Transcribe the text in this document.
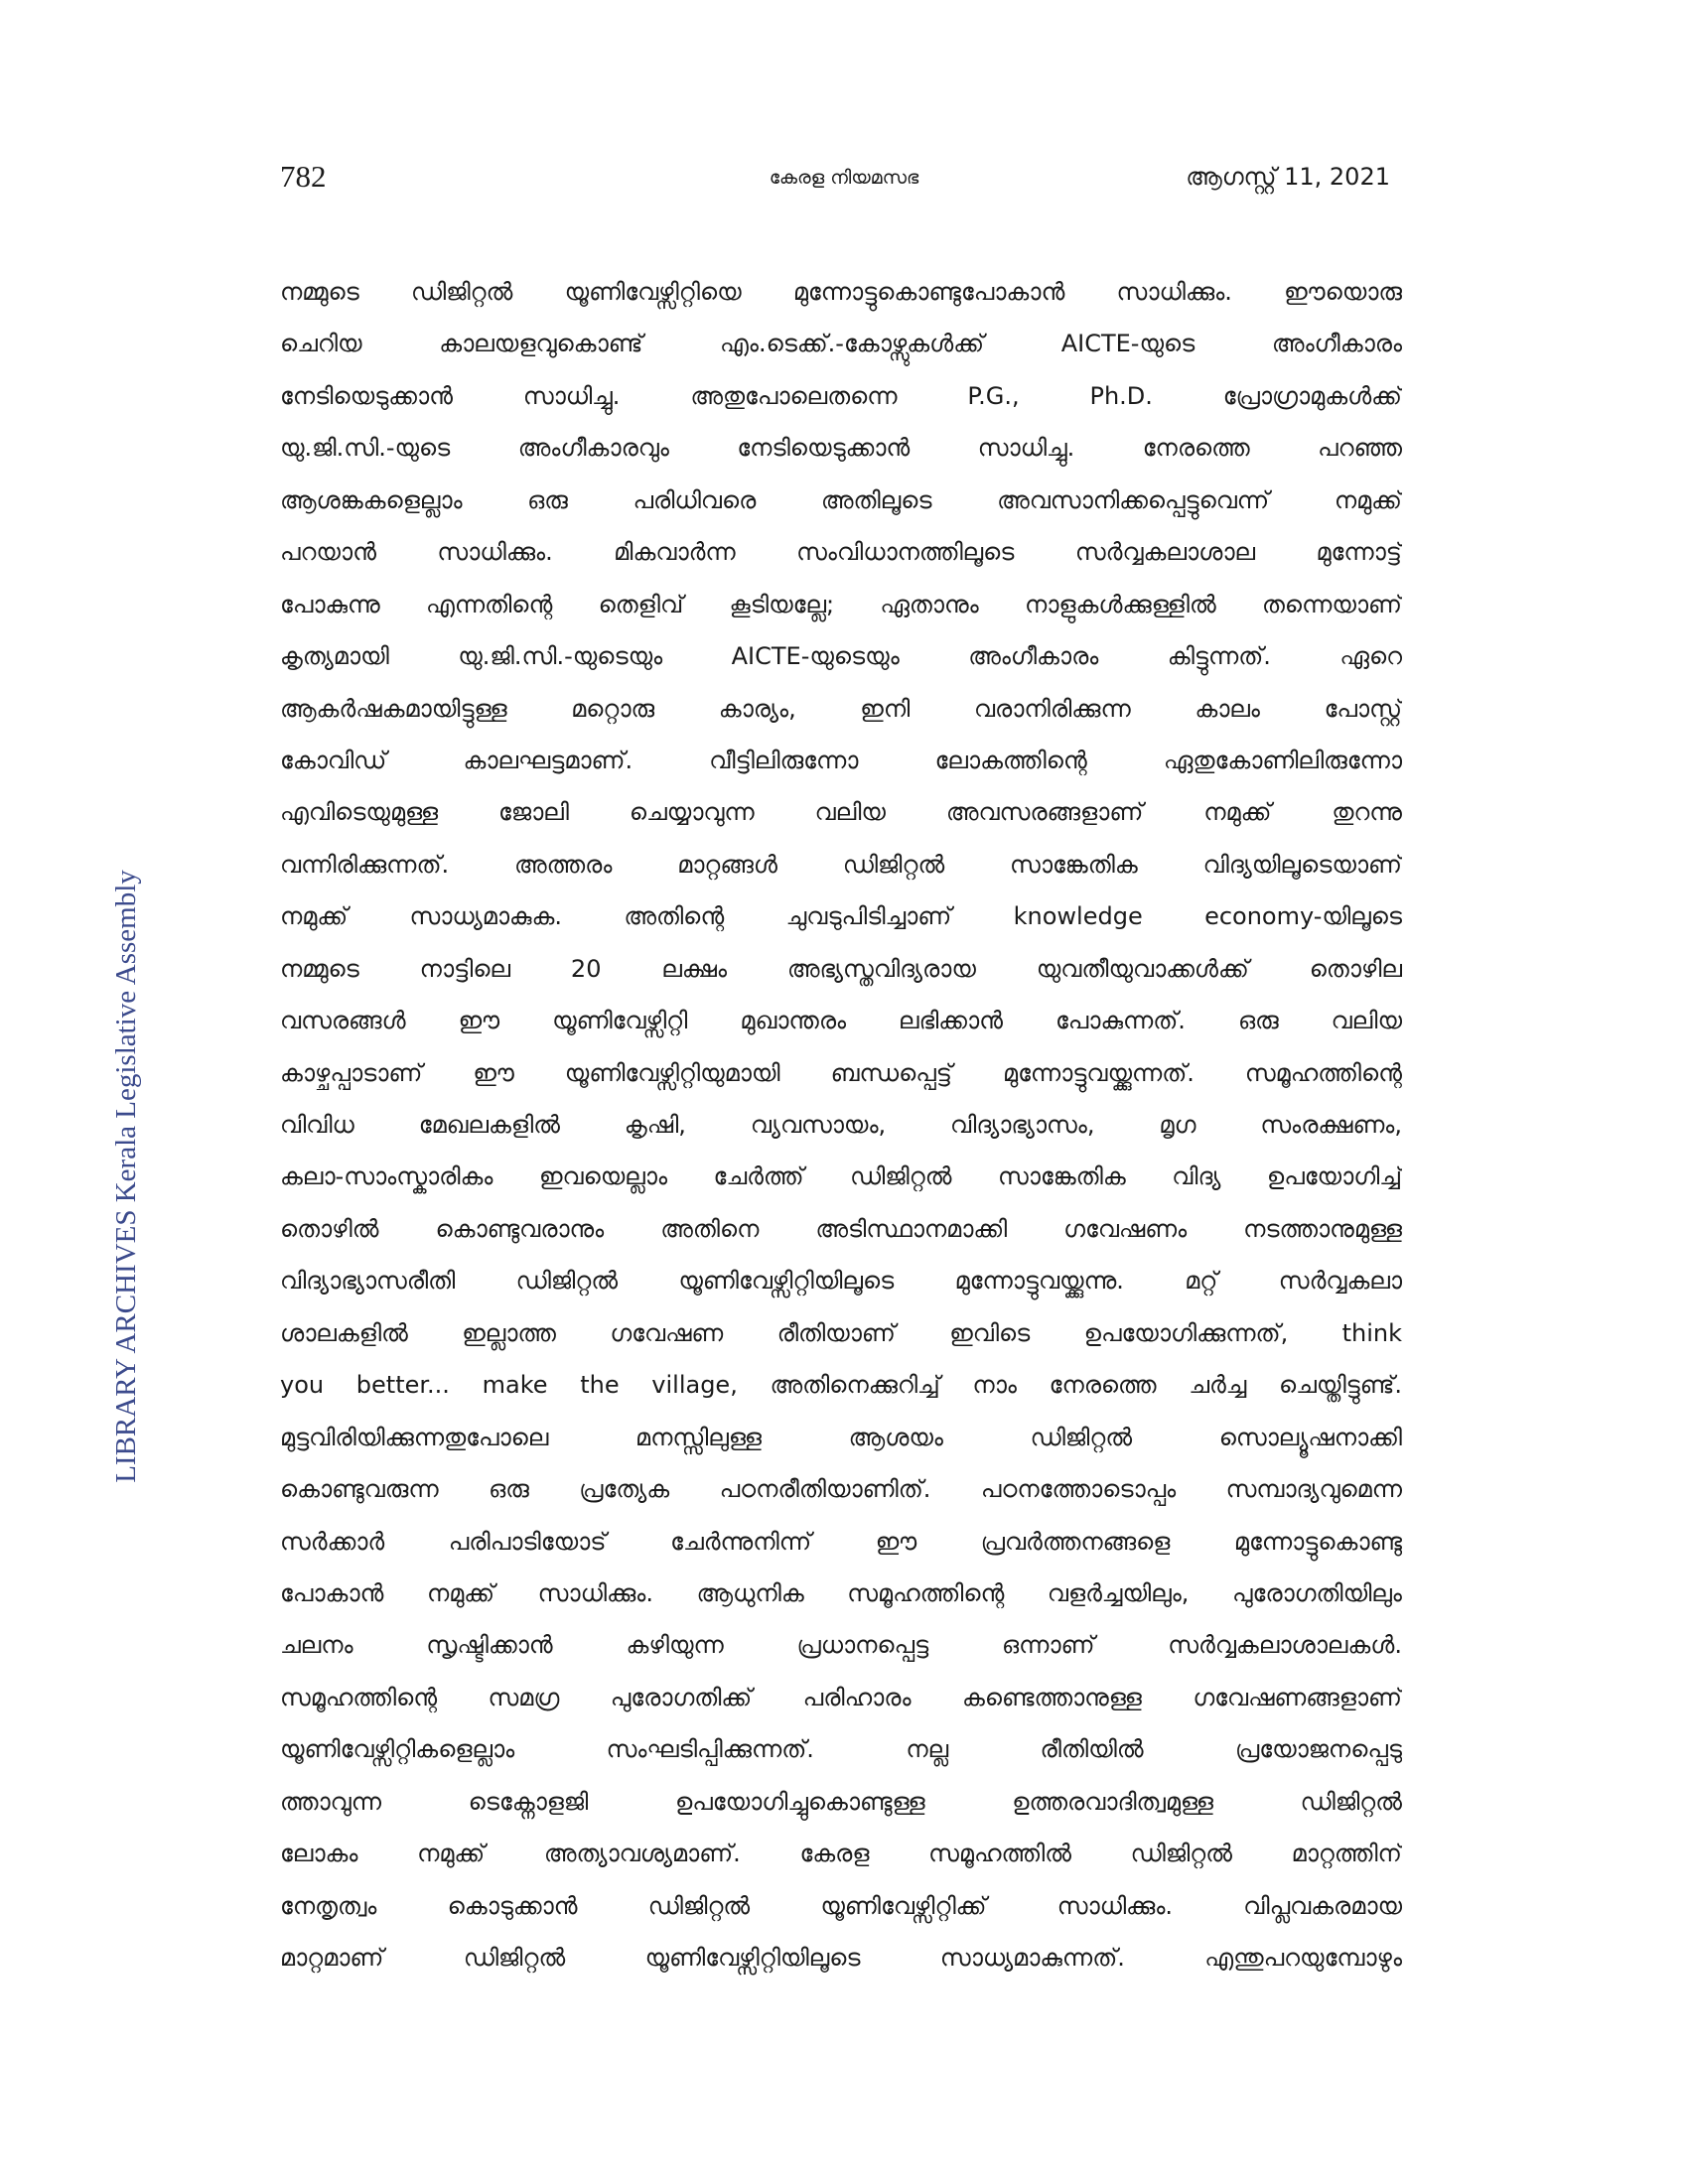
782	കേരള നിയമസഭ	ആഗസ്റ്റ് 11, 2021
LIBRARY ARCHIVES Kerala Legislative Assembly
നമ്മുടെ ഡിജിറ്റൽ യൂണിവേഴ്സിറ്റിയെ മുന്നോട്ടുകൊണ്ടുപോകാൻ സാധിക്കും. ഈയൊരു
ചെറിയ കാലയളവുകൊണ്ട് എം.ടെക്ക്.-കോഴ്സുകൾക്ക് AICTE-യുടെ അംഗീകാരം
നേടിയെടുക്കാൻ സാധിച്ചു. അതുപോലെതന്നെ P.G., Ph.D. പ്രോഗ്രാമുകൾക്ക്
യു.ജി.സി.-യുടെ അംഗീകാരവും നേടിയെടുക്കാൻ സാധിച്ചു. നേരത്തെ പറഞ്ഞ
ആശങ്കകളെല്ലാം ഒരു പരിധിവരെ അതിലൂടെ അവസാനിക്കപ്പെട്ടുവെന്ന് നമുക്ക്
പറയാൻ സാധിക്കും. മികവാർന്ന സംവിധാനത്തിലൂടെ സർവ്വകലാശാല മുന്നോട്ട്
പോകുന്നു എന്നതിന്റെ തെളിവ് കൂടിയല്ലേ; ഏതാനും നാളുകൾക്കുള്ളിൽ തന്നെയാണ്
കൃത്യമായി യു.ജി.സി.-യുടെയും AICTE-യുടെയും അംഗീകാരം കിട്ടുന്നത്. ഏറെ
ആകർഷകമായിട്ടുള്ള മറ്റൊരു കാര്യം, ഇനി വരാനിരിക്കുന്ന കാലം പോസ്റ്റ്
കോവിഡ് കാലഘട്ടമാണ്. വീട്ടിലിരുന്നോ ലോകത്തിന്റെ ഏതുകോണിലിരുന്നോ
എവിടെയുമുള്ള ജോലി ചെയ്യാവുന്ന വലിയ അവസരങ്ങളാണ് നമുക്ക് തുറന്നു
വന്നിരിക്കുന്നത്. അത്തരം മാറ്റങ്ങൾ ഡിജിറ്റൽ സാങ്കേതിക വിദ്യയിലൂടെയാണ്
നമുക്ക് സാധ്യമാകുക. അതിന്റെ ചുവടുപിടിച്ചാണ് knowledge economy-യിലൂടെ
നമ്മുടെ നാട്ടിലെ 20 ലക്ഷം അഭ്യസ്തവിദ്യരായ യുവതീയുവാക്കൾക്ക് തൊഴില
വസരങ്ങൾ ഈ യൂണിവേഴ്സിറ്റി മുഖാന്തരം ലഭിക്കാൻ പോകുന്നത്. ഒരു വലിയ
കാഴ്ചപ്പാടാണ് ഈ യൂണിവേഴ്സിറ്റിയുമായി ബന്ധപ്പെട്ട് മുന്നോട്ടുവയ്ക്കുന്നത്. സമൂഹത്തിന്റെ
വിവിധ മേഖലകളിൽ കൃഷി, വ്യവസായം, വിദ്യാഭ്യാസം, മൃഗ സംരക്ഷണം,
കലാ-സാംസ്കാരികം ഇവയെല്ലാം ചേർത്ത് ഡിജിറ്റൽ സാങ്കേതിക വിദ്യ ഉപയോഗിച്ച്
തൊഴിൽ കൊണ്ടുവരാനും അതിനെ അടിസ്ഥാനമാക്കി ഗവേഷണം നടത്താനുമുള്ള
വിദ്യാഭ്യാസരീതി ഡിജിറ്റൽ യൂണിവേഴ്സിറ്റിയിലൂടെ മുന്നോട്ടുവയ്ക്കുന്നു. മറ്റ് സർവ്വകലാ
ശാലകളിൽ ഇല്ലാത്ത ഗവേഷണ രീതിയാണ് ഇവിടെ ഉപയോഗിക്കുന്നത്, think
you better... make the village, അതിനെക്കുറിച്ച് നാം നേരത്തെ ചർച്ച ചെയ്തിട്ടുണ്ട്.
മുട്ടവിരിയിക്കുന്നതുപോലെ മനസ്സിലുള്ള ആശയം ഡിജിറ്റൽ സൊല്യൂഷനാക്കി
കൊണ്ടുവരുന്ന ഒരു പ്രത്യേക പഠനരീതിയാണിത്. പഠനത്തോടൊപ്പം സമ്പാദ്യവുമെന്ന
സർക്കാർ പരിപാടിയോട് ചേർന്നുനിന്ന് ഈ പ്രവർത്തനങ്ങളെ മുന്നോട്ടുകൊണ്ടു
പോകാൻ നമുക്ക് സാധിക്കും. ആധുനിക സമൂഹത്തിന്റെ വളർച്ചയിലും, പുരോഗതിയിലും
ചലനം സൃഷ്ടിക്കാൻ കഴിയുന്ന പ്രധാനപ്പെട്ട ഒന്നാണ് സർവ്വകലാശാലകൾ.
സമൂഹത്തിന്റെ സമഗ്ര പുരോഗതിക്ക് പരിഹാരം കണ്ടെത്താനുള്ള ഗവേഷണങ്ങളാണ്
യൂണിവേഴ്സിറ്റികളെല്ലാം സംഘടിപ്പിക്കുന്നത്. നല്ല രീതിയിൽ പ്രയോജനപ്പെടു
ത്താവുന്ന ടെക്നോളജി ഉപയോഗിച്ചുകൊണ്ടുള്ള ഉത്തരവാദിത്വമുള്ള ഡിജിറ്റൽ
ലോകം നമുക്ക് അത്യാവശ്യമാണ്. കേരള സമൂഹത്തിൽ ഡിജിറ്റൽ മാറ്റത്തിന്
നേതൃത്വം കൊടുക്കാൻ ഡിജിറ്റൽ യൂണിവേഴ്സിറ്റിക്ക് സാധിക്കും. വിപ്ലവകരമായ
മാറ്റമാണ് ഡിജിറ്റൽ യൂണിവേഴ്സിറ്റിയിലൂടെ സാധ്യമാകുന്നത്. എന്തുപറയുമ്പോഴും
